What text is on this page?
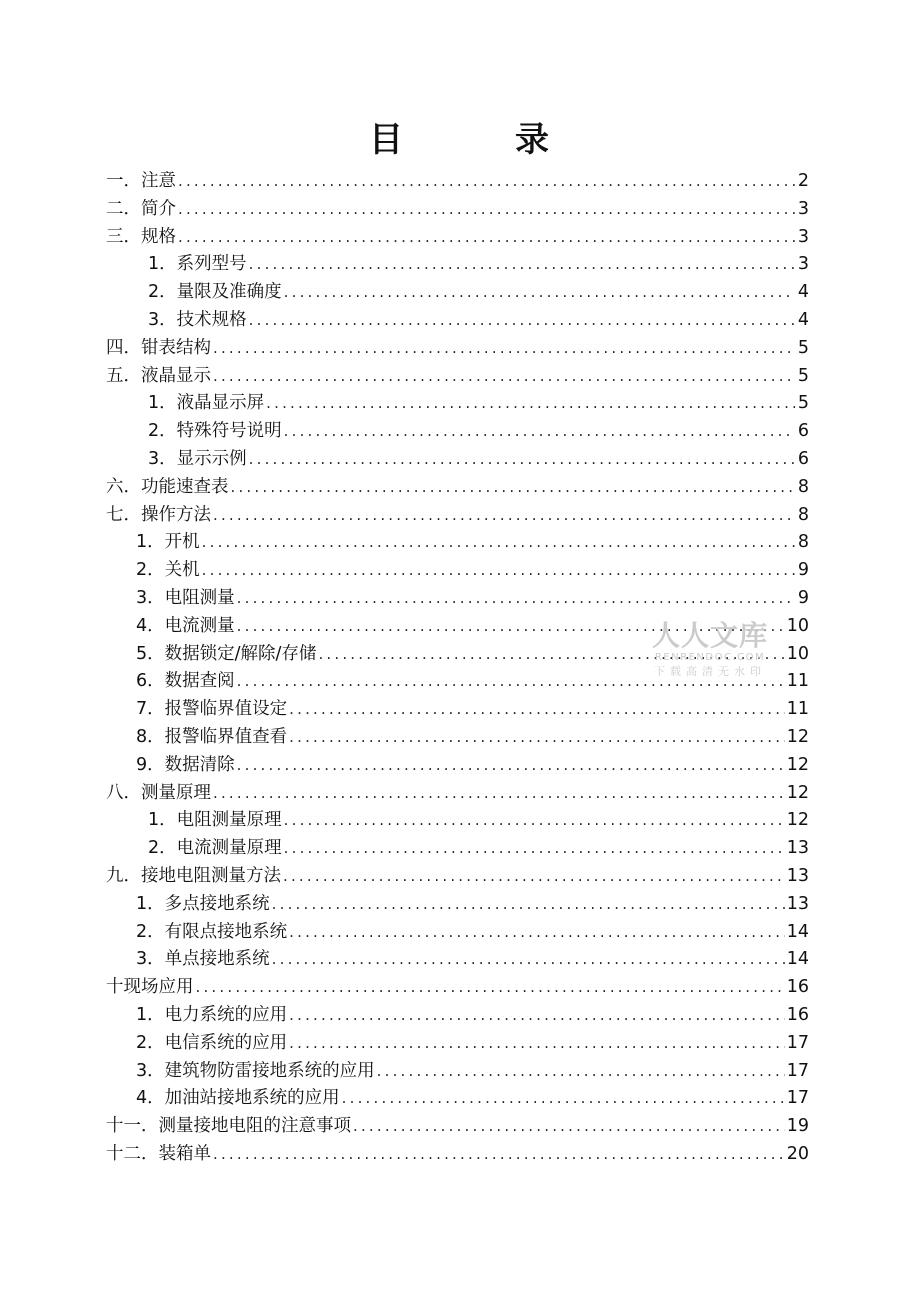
目	录
一．注意 .....	2
二．简介 .....	3
三．规格 .....	3
1．系列型号 .....	3
2．量限及准确度 .....	4
3．技术规格 .....	4
四．钳表结构 .....	5
五．液晶显示 .....	5
1．液晶显示屏 .....	5
2．特殊符号说明 .....	6
3．显示示例 .....	6
六．功能速查表 .....	8
七．操作方法 .....	8
1．开机 .....	8
2．关机 .....	9
3．电阻测量 .....	9
4．电流测量 .....	10
5．数据锁定/解除/存储 .....	10
6．数据查阅 .....	11
7．报警临界值设定 .....	11
8．报警临界值查看 .....	12
9．数据清除 .....	12
八．测量原理 .....	12
1．电阻测量原理 .....	12
2．电流测量原理 .....	13
九．接地电阻测量方法 .....	13
1．多点接地系统 .....	13
2．有限点接地系统 .....	14
3．单点接地系统 .....	14
十现场应用 .....	16
1．电力系统的应用 .....	16
2．电信系统的应用 .....	17
3．建筑物防雷接地系统的应用 .....	17
4．加油站接地系统的应用 .....	17
十一．测量接地电阻的注意事项 .....	19
十二．装箱单 .....	20
人人文库
RENRENDOC.COM
下载高清无水印
